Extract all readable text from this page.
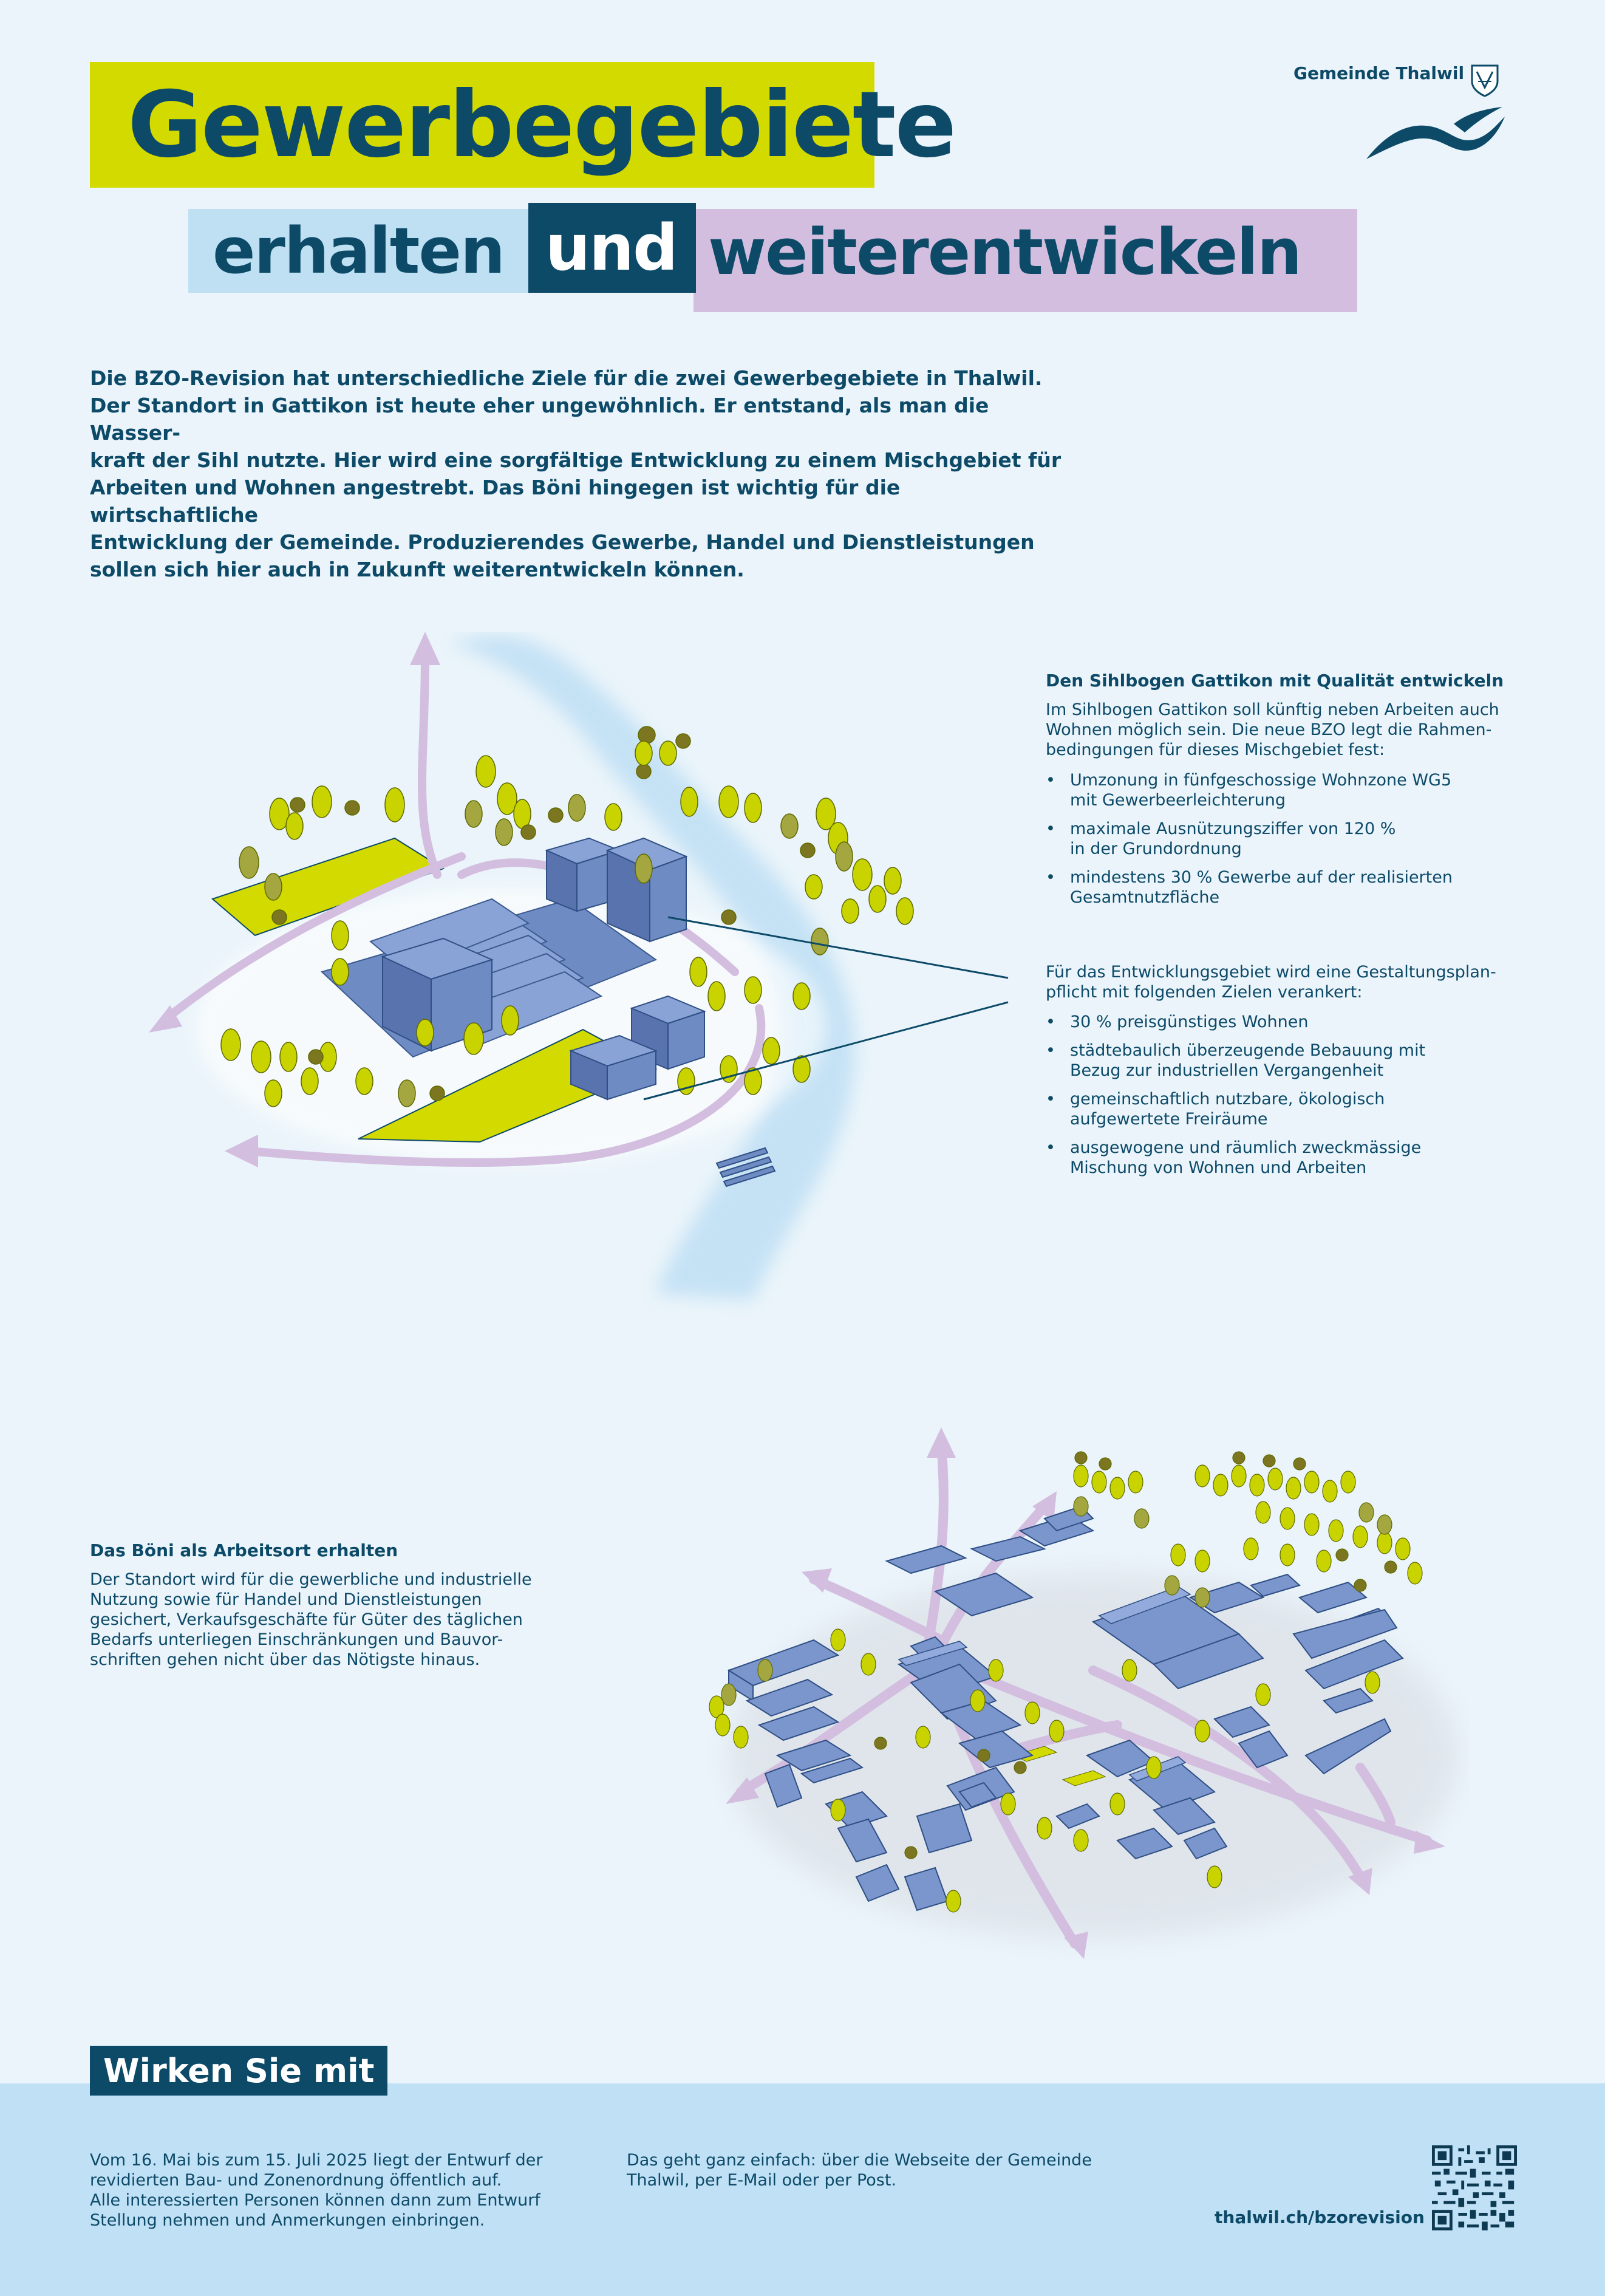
Gewerbegebiete
erhalten	weiterentwickeln
und
Gemeinde Thalwil
Die BZO-Revision hat unterschiedliche Ziele für die zwei Gewerbegebiete in Thalwil.
Der Standort in Gattikon ist heute eher ungewöhnlich. Er entstand, als man die Wasser-
kraft der Sihl nutzte. Hier wird eine sorgfältige Entwicklung zu einem Mischgebiet für
Arbeiten und Wohnen angestrebt. Das Böni hingegen ist wichtig für die wirtschaftliche
Entwicklung der Gemeinde. Produzierendes Gewerbe, Handel und Dienstleistungen
sollen sich hier auch in Zukunft weiterentwickeln können.
Den Sihlbogen Gattikon mit Qualität entwickeln
Im Sihlbogen Gattikon soll künftig neben Arbeiten auch
Wohnen möglich sein. Die neue BZO legt die Rahmen-
bedingungen für dieses Mischgebiet fest:
• Umzonung in fünfgeschossige Wohnzone WG5
mit Gewerbeerleichterung
• maximale Ausnützungsziffer von 120 %
in der Grundordnung
• mindestens 30 % Gewerbe auf der realisierten
Gesamtnutzfläche
Für das Entwicklungsgebiet wird eine Gestaltungsplan-
pflicht mit folgenden Zielen verankert:
• 30 % preisgünstiges Wohnen
• städtebaulich überzeugende Bebauung mit
Bezug zur industriellen Vergangenheit
• gemeinschaftlich nutzbare, ökologisch
aufgewertete Freiräume
• ausgewogene und räumlich zweckmässige
Mischung von Wohnen und Arbeiten
Das Böni als Arbeitsort erhalten
Der Standort wird für die gewerbliche und industrielle
Nutzung sowie für Handel und Dienstleistungen
gesichert, Verkaufsgeschäfte für Güter des täglichen
Bedarfs unterliegen Einschränkungen und Bauvor-
schriften gehen nicht über das Nötigste hinaus.
Wirken Sie mit
Vom 16. Mai bis zum 15. Juli 2025 liegt der Entwurf der
revidierten Bau- und Zonenordnung öffentlich auf.
Alle interessierten Personen können dann zum Entwurf
Stellung nehmen und Anmerkungen einbringen.
Das geht ganz einfach: über die Webseite der Gemeinde
Thalwil, per E-Mail oder per Post.
thalwil.ch/bzorevision
